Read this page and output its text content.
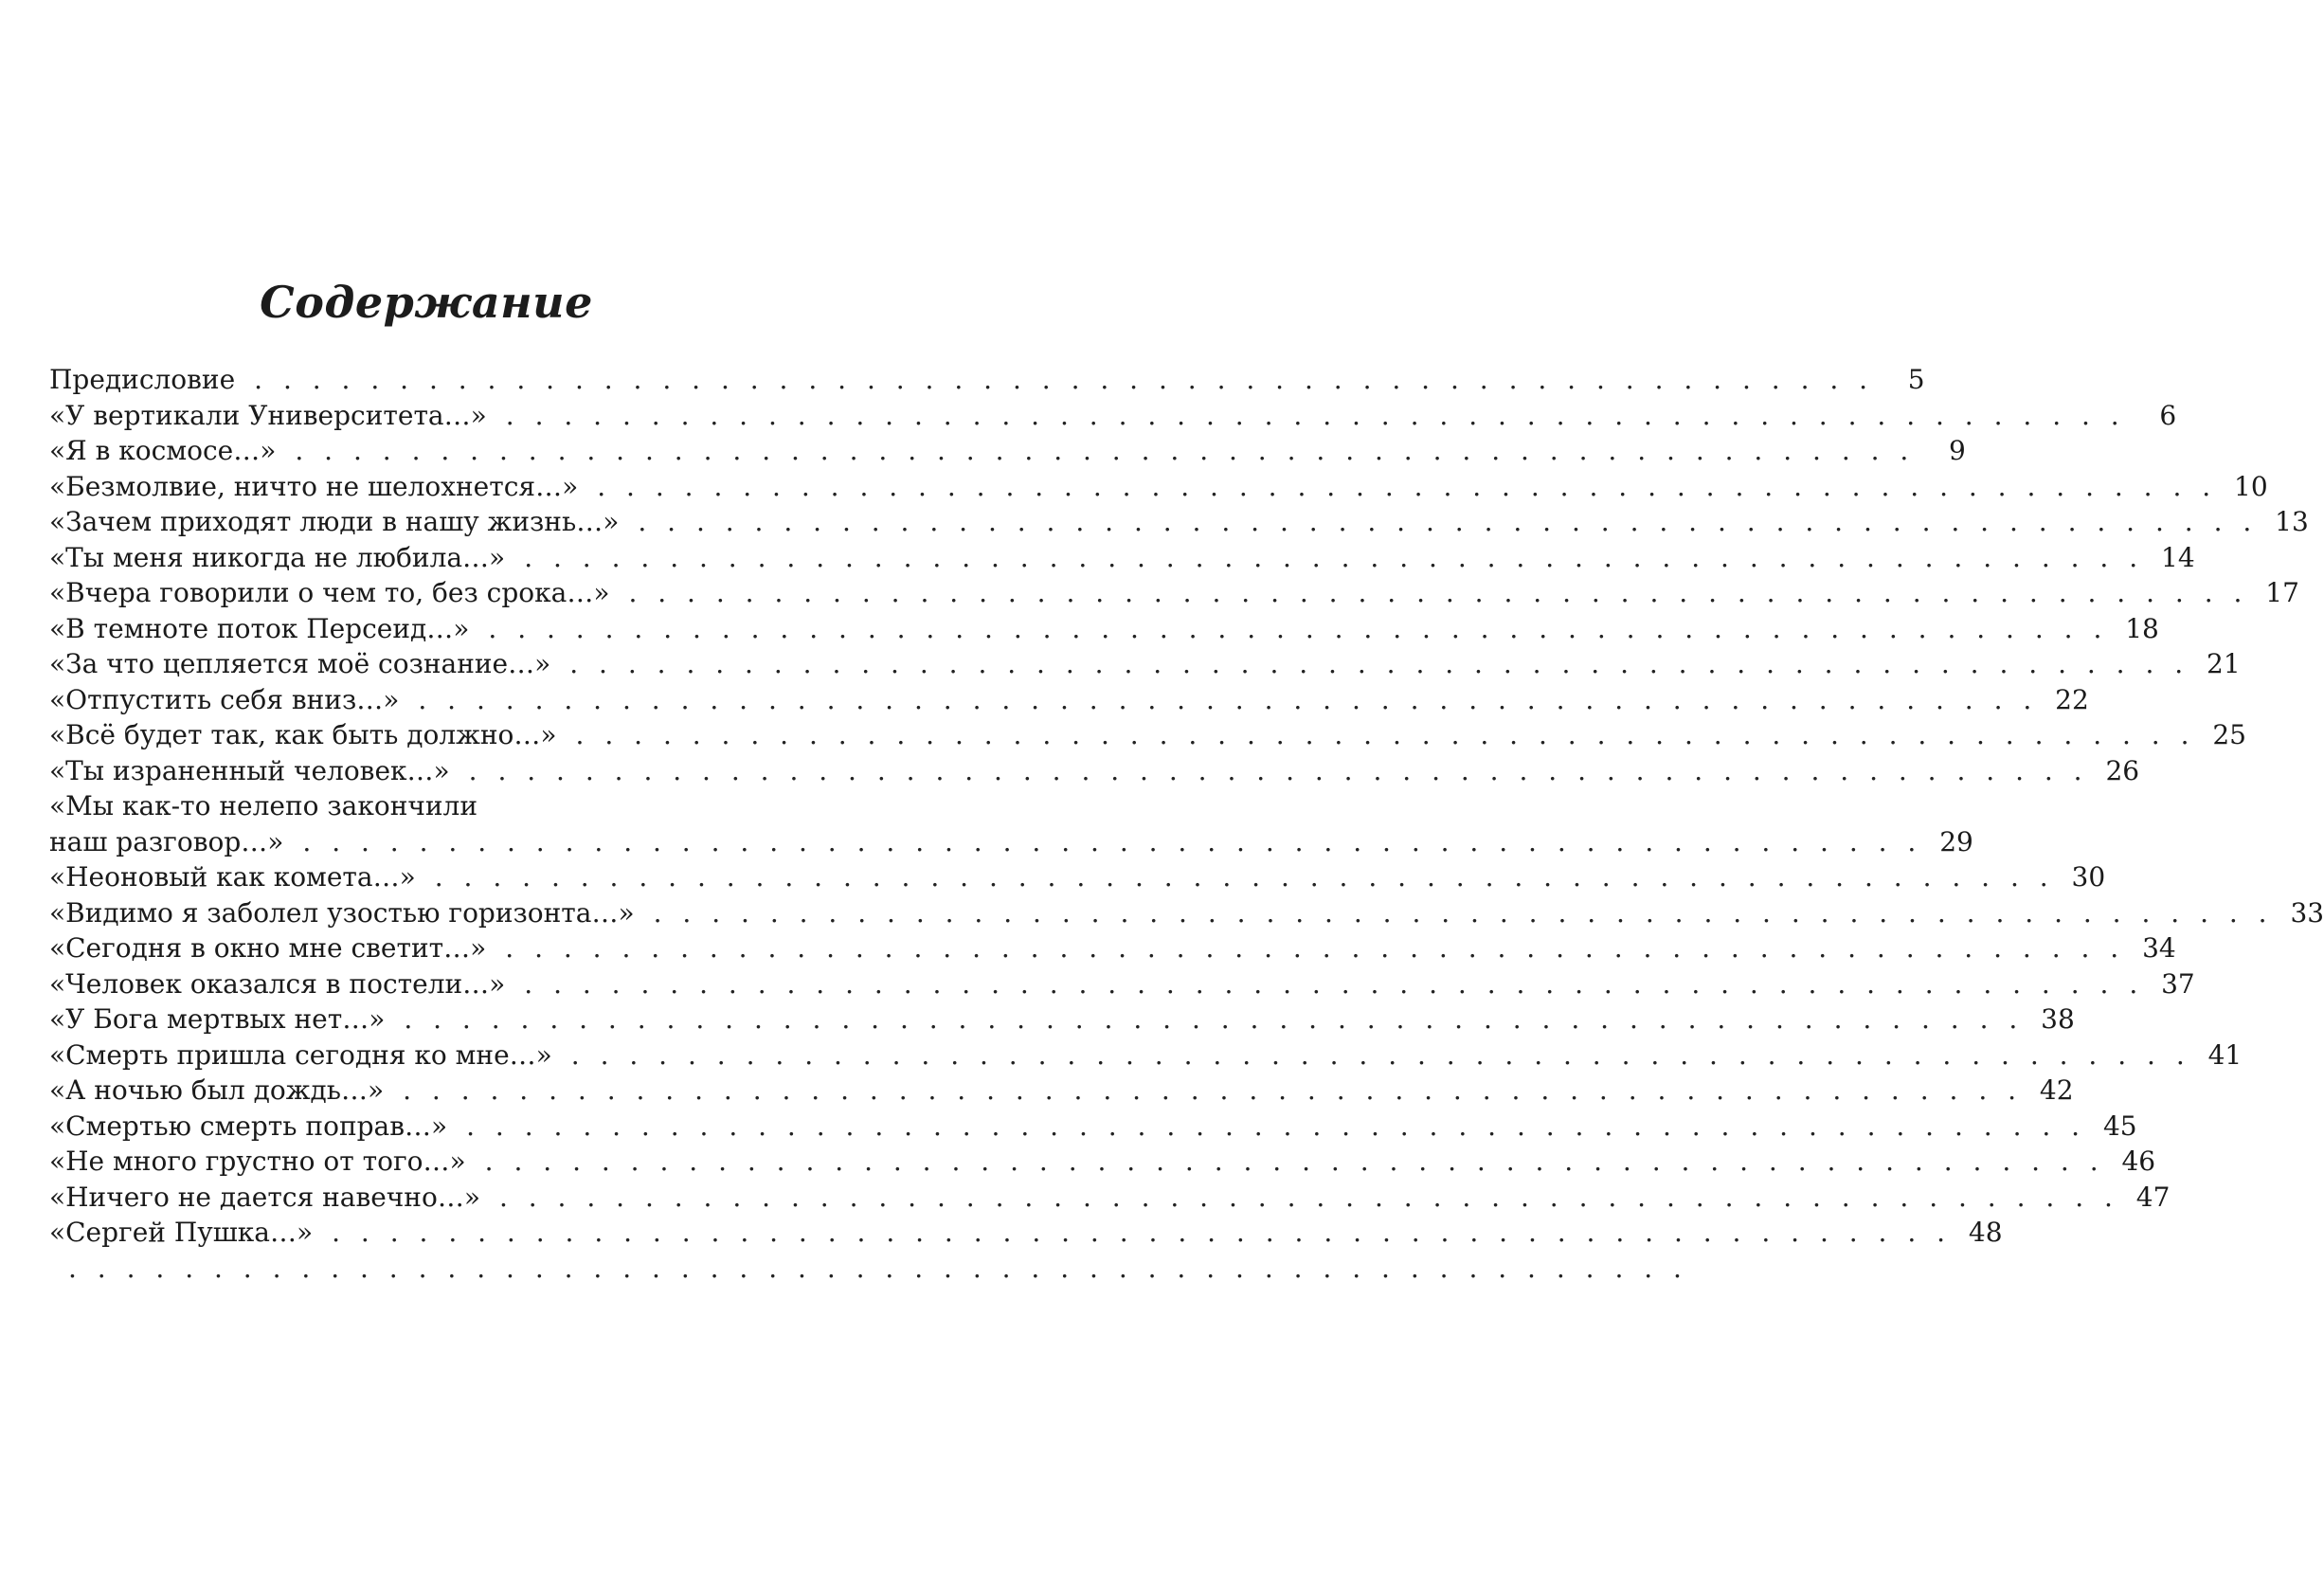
Содержание
Предисловие . . . . . . . . . . . . . . . . . . . . . . . . . . . . . . . . . . . . . . . . . . . . . . . . . . . . . . . .	5
«У вертикали Университета…» . . . . . . . . . . . . . . . . . . . . . . . . . . . . . . . . . . . . . . . . . . . . . . . . . . . . . . . .	6
«Я в космосе…» . . . . . . . . . . . . . . . . . . . . . . . . . . . . . . . . . . . . . . . . . . . . . . . . . . . . . . . .	9
«Безмолвие, ничто не шелохнется…» . . . . . . . . . . . . . . . . . . . . . . . . . . . . . . . . . . . . . . . . . . . . . . . . . . . . . . . . 10
«Зачем приходят люди в нашу жизнь…» . . . . . . . . . . . . . . . . . . . . . . . . . . . . . . . . . . . . . . . . . . . . . . . . . . . . . . . . 13
«Ты меня никогда не любила…» . . . . . . . . . . . . . . . . . . . . . . . . . . . . . . . . . . . . . . . . . . . . . . . . . . . . . . . . 14
«Вчера говорили о чем то, без срока…» . . . . . . . . . . . . . . . . . . . . . . . . . . . . . . . . . . . . . . . . . . . . . . . . . . . . . . . . 17
«В темноте поток Персеид…» . . . . . . . . . . . . . . . . . . . . . . . . . . . . . . . . . . . . . . . . . . . . . . . . . . . . . . . . 18
«За что цепляется моё сознание…» . . . . . . . . . . . . . . . . . . . . . . . . . . . . . . . . . . . . . . . . . . . . . . . . . . . . . . . . 21
«Отпустить себя вниз…» . . . . . . . . . . . . . . . . . . . . . . . . . . . . . . . . . . . . . . . . . . . . . . . . . . . . . . . . 22
«Всё будет так, как быть должно…» . . . . . . . . . . . . . . . . . . . . . . . . . . . . . . . . . . . . . . . . . . . . . . . . . . . . . . . . 25
«Ты израненный человек…» . . . . . . . . . . . . . . . . . . . . . . . . . . . . . . . . . . . . . . . . . . . . . . . . . . . . . . . . 26
«Мы как-то нелепо закончили
наш разговор…» . . . . . . . . . . . . . . . . . . . . . . . . . . . . . . . . . . . . . . . . . . . . . . . . . . . . . . . . 29
«Неоновый как комета…» . . . . . . . . . . . . . . . . . . . . . . . . . . . . . . . . . . . . . . . . . . . . . . . . . . . . . . . . 30
«Видимо я заболел узостью горизонта…» . . . . . . . . . . . . . . . . . . . . . . . . . . . . . . . . . . . . . . . . . . . . . . . . . . . . . . . . 33
«Сегодня в окно мне светит…» . . . . . . . . . . . . . . . . . . . . . . . . . . . . . . . . . . . . . . . . . . . . . . . . . . . . . . . . 34
«Человек оказался в постели…» . . . . . . . . . . . . . . . . . . . . . . . . . . . . . . . . . . . . . . . . . . . . . . . . . . . . . . . . 37
«У Бога мертвых нет…» . . . . . . . . . . . . . . . . . . . . . . . . . . . . . . . . . . . . . . . . . . . . . . . . . . . . . . . . 38
«Смерть пришла сегодня ко мне…» . . . . . . . . . . . . . . . . . . . . . . . . . . . . . . . . . . . . . . . . . . . . . . . . . . . . . . . . 41
«А ночью был дождь…» . . . . . . . . . . . . . . . . . . . . . . . . . . . . . . . . . . . . . . . . . . . . . . . . . . . . . . . . 42
«Смертью смерть поправ…» . . . . . . . . . . . . . . . . . . . . . . . . . . . . . . . . . . . . . . . . . . . . . . . . . . . . . . . . 45
«Не много грустно от того…» . . . . . . . . . . . . . . . . . . . . . . . . . . . . . . . . . . . . . . . . . . . . . . . . . . . . . . . . 46
«Ничего не дается навечно…» . . . . . . . . . . . . . . . . . . . . . . . . . . . . . . . . . . . . . . . . . . . . . . . . . . . . . . . . 47
«Сергей Пушка…» . . . . . . . . . . . . . . . . . . . . . . . . . . . . . . . . . . . . . . . . . . . . . . . . . . . . . . . . 48
. . . . . . . . . . . . . . . . . . . . . . . . . . . . . . . . . . . . . . . . . . . . . . . . . . . . . . . .
